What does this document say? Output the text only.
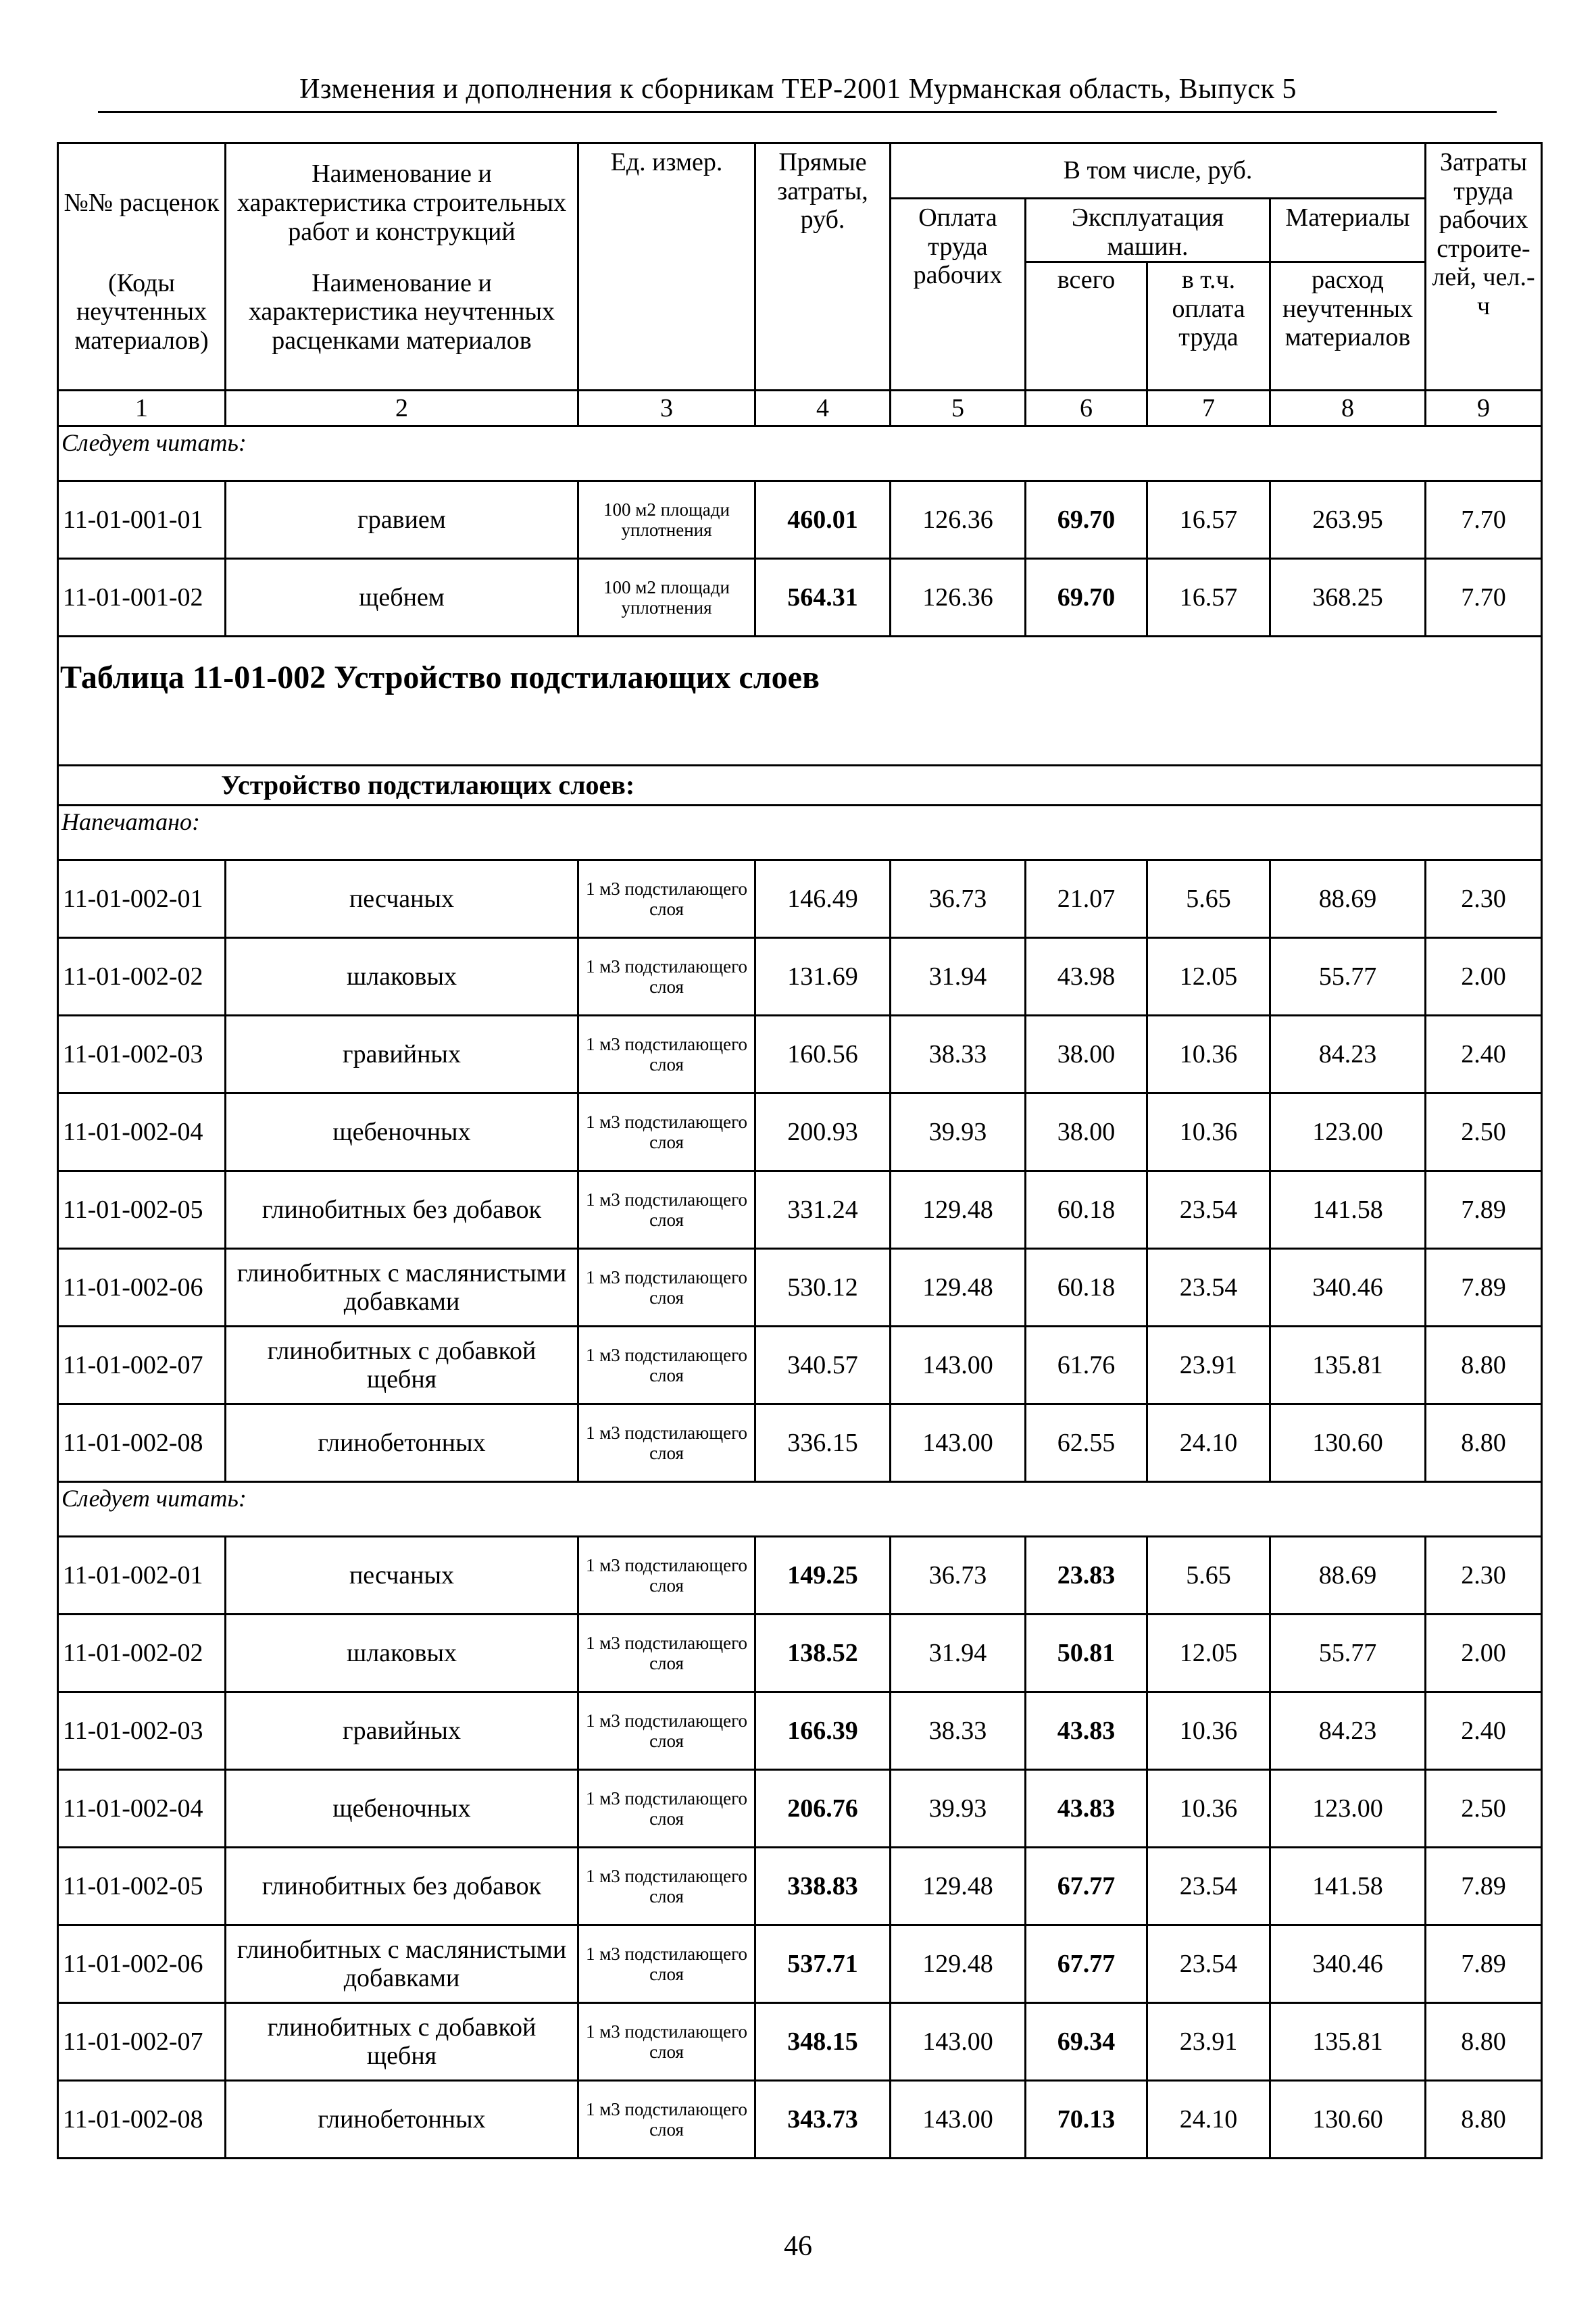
Изменения и дополнения к сборникам ТЕР-2001 Мурманская область, Выпуск 5
№№ расценок	Наименование и характеристика строительных работ и конструкций	Ед. измер.	Прямые затраты, руб.	В том числе, руб.				Затраты труда рабочих строите-лей, чел.-ч
				Оплата труда рабочих	Эксплуатация машин.		Материалы	
					всего	в т.ч. оплата труда	расход неучтенных материалов	
(Коды неучтенных материалов)	Наименование и характеристика неучтенных расценками материалов							
1	2	3	4	5	6	7	8	9
Следует читать:								

11-01-001-01	гравием	100 м2 площади уплотнения	460.01	126.36	69.70	16.57	263.95	7.70
11-01-001-02	щебнем	100 м2 площади уплотнения	564.31	126.36	69.70	16.57	368.25	7.70
Таблица 11-01-002 Устройство подстилающих слоев								

Устройство подстилающих слоев:								
Напечатано:								

11-01-002-01	песчаных	1 м3 подстилающего слоя	146.49	36.73	21.07	5.65	88.69	2.30
11-01-002-02	шлаковых	1 м3 подстилающего слоя	131.69	31.94	43.98	12.05	55.77	2.00
11-01-002-03	гравийных	1 м3 подстилающего слоя	160.56	38.33	38.00	10.36	84.23	2.40
11-01-002-04	щебеночных	1 м3 подстилающего слоя	200.93	39.93	38.00	10.36	123.00	2.50
11-01-002-05	глинобитных без добавок	1 м3 подстилающего слоя	331.24	129.48	60.18	23.54	141.58	7.89
11-01-002-06	глинобитных с маслянистыми добавками	1 м3 подстилающего слоя	530.12	129.48	60.18	23.54	340.46	7.89
11-01-002-07	глинобитных с добавкой щебня	1 м3 подстилающего слоя	340.57	143.00	61.76	23.91	135.81	8.80
11-01-002-08	глинобетонных	1 м3 подстилающего слоя	336.15	143.00	62.55	24.10	130.60	8.80
Следует читать:								

11-01-002-01	песчаных	1 м3 подстилающего слоя	149.25	36.73	23.83	5.65	88.69	2.30
11-01-002-02	шлаковых	1 м3 подстилающего слоя	138.52	31.94	50.81	12.05	55.77	2.00
11-01-002-03	гравийных	1 м3 подстилающего слоя	166.39	38.33	43.83	10.36	84.23	2.40
11-01-002-04	щебеночных	1 м3 подстилающего слоя	206.76	39.93	43.83	10.36	123.00	2.50
11-01-002-05	глинобитных без добавок	1 м3 подстилающего слоя	338.83	129.48	67.77	23.54	141.58	7.89
11-01-002-06	глинобитных с маслянистыми добавками	1 м3 подстилающего слоя	537.71	129.48	67.77	23.54	340.46	7.89
11-01-002-07	глинобитных с добавкой щебня	1 м3 подстилающего слоя	348.15	143.00	69.34	23.91	135.81	8.80
11-01-002-08	глинобетонных	1 м3 подстилающего слоя	343.73	143.00	70.13	24.10	130.60	8.80
46
